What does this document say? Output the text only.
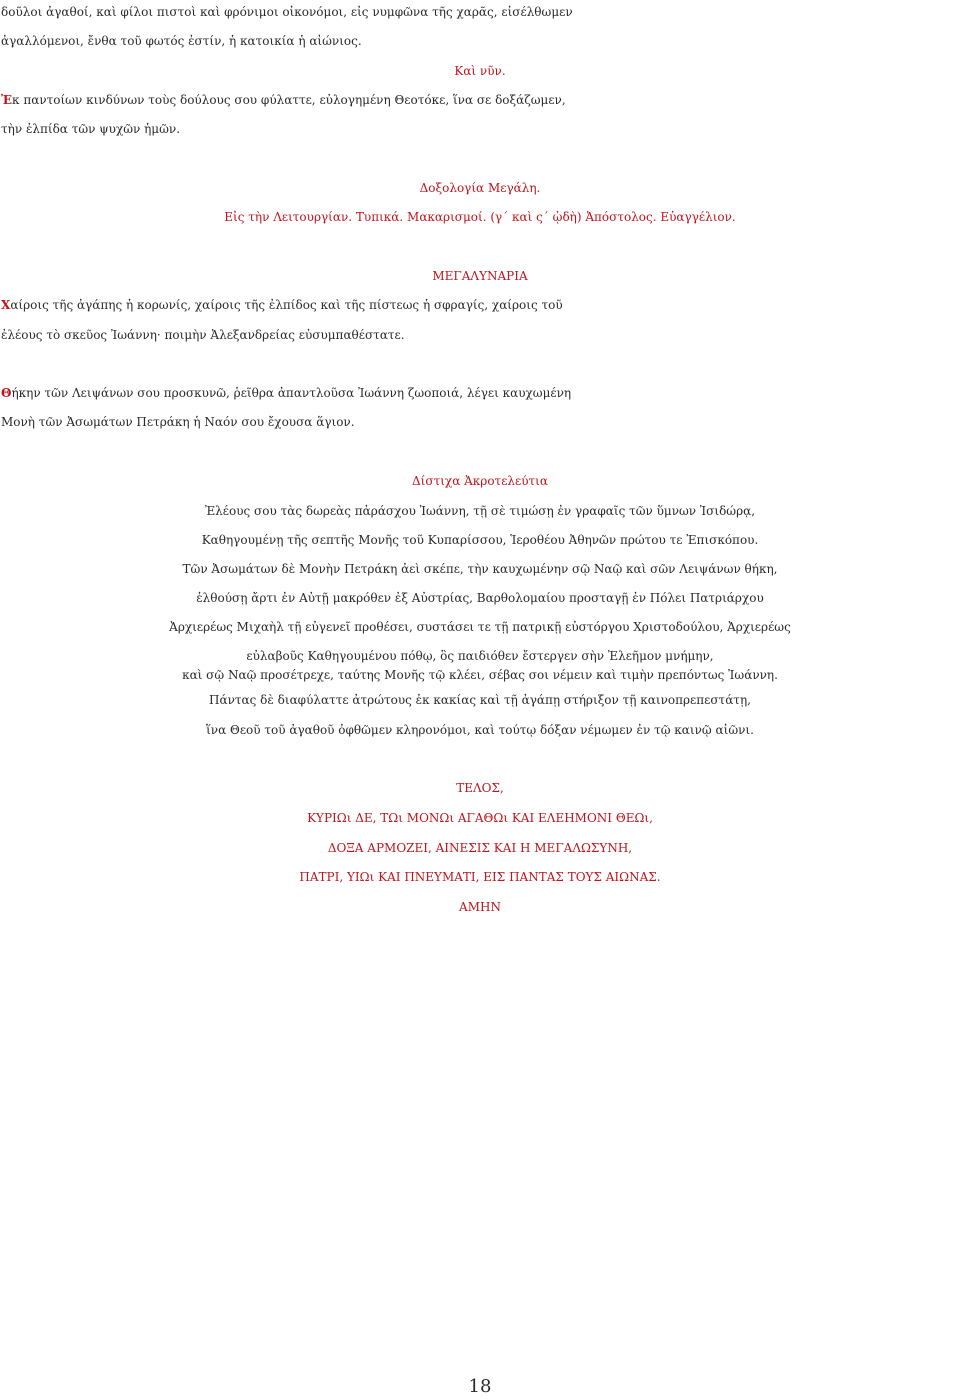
δοῦλοι ἀγαθοί, καὶ φίλοι πιστοὶ καὶ φρόνιμοι οἰκονόμοι, εἰς νυμφῶνα τῆς χαρᾶς, εἰσέλθωμεν

ἀγαλλόμενοι, ἔνθα τοῦ φωτός ἐστίν, ἡ κατοικία ἡ αἰώνιος.

Καὶ νῦν.

Ἐκ παντοίων κινδύνων τοὺς δούλους σου φύλαττε, εὐλογημένη Θεοτόκε, ἵνα σε δοξάζωμεν,

τὴν ἐλπίδα τῶν ψυχῶν ἡμῶν.

Δοξολογία Μεγάλη.

Εἰς τὴν Λειτουργίαν. Τυπικά. Μακαρισμοί. (γ΄ καὶ ς΄ ᾠδὴ) Ἀπόστολος. Εὐαγγέλιον.

ΜΕΓΑΛΥΝΑΡΙΑ

Χαίροις τῆς ἀγάπης ἡ κορωνίς, χαίροις τῆς ἐλπίδος καὶ τῆς πίστεως ἡ σφραγίς, χαίροις τοῦ

ἐλέους τὸ σκεῦος Ἰωάννη· ποιμὴν Ἀλεξανδρείας εὐσυμπαθέστατε.

Θήκην τῶν Λειψάνων σου προσκυνῶ, ῥεῖθρα ἀπαντλοῦσα Ἰωάννη ζωοποιά, λέγει καυχωμένη

Μονὴ τῶν Ἀσωμάτων Πετράκη ἡ Ναόν σου ἔχουσα ἅγιον.

Δίστιχα Ἀκροτελεύτια

Ἐλέους σου τὰς δωρεὰς πἀράσχου Ἰωάννη, τῇ σὲ τιμώσῃ ἐν γραφαῖς τῶν ὕμνων Ἰσιδώρᾳ,

Καθηγουμένῃ τῆς σεπτῆς Μονῆς τοῦ Κυπαρίσσου, Ἱεροθέου Ἀθηνῶν πρώτου τε Ἐπισκόπου.

Τῶν Ἀσωμάτων δὲ Μονὴν Πετράκη ἀεὶ σκέπε, τὴν καυχωμένην σῷ Ναῷ καὶ σῶν Λειψάνων θήκη,

ἐλθούσῃ ἄρτι ἐν Αὐτῇ μακρόθεν ἐξ Αὐστρίας, Βαρθολομαίου προσταγῇ ἐν Πόλει Πατριάρχου

Ἀρχιερέως Μιχαὴλ τῇ εὐγενεῖ προθέσει, συστάσει τε τῇ πατρικῇ εὐστόργου Χριστοδούλου, Ἀρχιερέως

εὐλαβοῦς Καθηγουμένου πόθῳ, ὃς παιδιόθεν ἔστεργεν σὴν Ἐλεῆμον μνήμην,

καὶ σῷ Ναῷ προσέτρεχε, ταύτης Μονῆς τῷ κλέει, σέβας σοι νέμειν καὶ τιμὴν πρεπόντως Ἰωάννη.

Πάντας δὲ διαφύλαττε ἀτρώτους ἐκ κακίας καὶ τῇ ἀγάπῃ στήριξον τῇ καινοπρεπεστάτῃ,

ἵνα Θεοῦ τοῦ ἀγαθοῦ ὀφθῶμεν κληρονόμοι, καὶ τούτῳ δόξαν νέμωμεν ἐν τῷ καινῷ αἰῶνι.

ΤΕΛΟΣ,

ΚΥΡΙΩι ΔΕ, ΤΩι ΜΟΝΩι ΑΓΑΘΩι ΚΑΙ ΕΛΕΗΜΟΝΙ ΘΕΩι,

ΔΟΞΑ ΑΡΜΟΖΕΙ, ΑΙΝΕΣΙΣ ΚΑΙ Η ΜΕΓΑΛΩΣΥΝΗ,

ΠΑΤΡΙ, ΥΙΩι ΚΑΙ ΠΝΕΥΜΑΤΙ, ΕΙΣ ΠΑΝΤΑΣ ΤΟΥΣ ΑΙΩΝΑΣ.

ΑΜΗΝ

18
